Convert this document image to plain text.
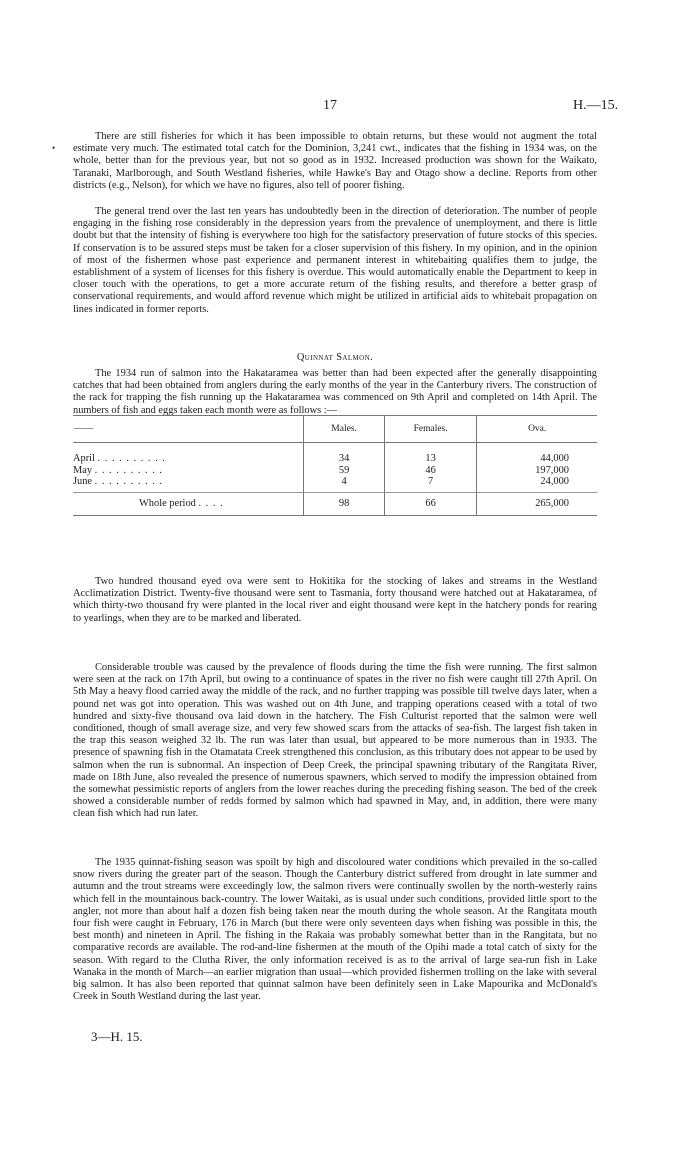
17	H.—15.
•

There are still fisheries for which it has been impossible to obtain returns, but these would not augment the total estimate very much. The estimated total catch for the Dominion, 3,241 cwt., indicates that the fishing in 1934 was, on the whole, better than for the previous year, but not so good as in 1932. Increased production was shown for the Waikato, Taranaki, Marlborough, and South Westland fisheries, while Hawke's Bay and Otago show a decline. Reports from other districts (e.g., Nelson), for which we have no figures, also tell of poorer fishing.

The general trend over the last ten years has undoubtedly been in the direction of deterioration. The number of people engaging in the fishing rose considerably in the depression years from the prevalence of unemployment, and there is little doubt but that the intensity of fishing is everywhere too high for the satisfactory preservation of future stocks of this species. If conservation is to be assured steps must be taken for a closer supervision of this fishery. In my opinion, and in the opinion of most of the fishermen whose past experience and permanent interest in whitebaiting qualifies them to judge, the establishment of a system of licenses for this fishery is overdue. This would automatically enable the Department to keep in closer touch with the operations, to get a more accurate return of the fishing results, and therefore a better grasp of conservational requirements, and would afford revenue which might be utilized in artificial aids to whitebait propagation on lines indicated in former reports.

Quinnat Salmon.

The 1934 run of salmon into the Hakataramea was better than had been expected after the generally disappointing catches that had been obtained from anglers during the early months of the year in the Canterbury rivers. The construction of the rack for trapping the fish running up the Hakataramea was commenced on 9th April and completed on 14th April. The numbers of fish and eggs taken each month were as follows :—

——	Males.	Females.	Ova.

April . . . . . . . . . .	34	13	44,000
May . . . . . . . . . .	59	46	197,000
June . . . . . . . . . .	4	7	24,000
Whole period . . . .	98	66	265,000

Two hundred thousand eyed ova were sent to Hokitika for the stocking of lakes and streams in the Westland Acclimatization District. Twenty-five thousand were sent to Tasmania, forty thousand were hatched out at Hakataramea, of which thirty-two thousand fry were planted in the local river and eight thousand were kept in the hatchery ponds for rearing to yearlings, when they are to be marked and liberated.

Considerable trouble was caused by the prevalence of floods during the time the fish were running. The first salmon were seen at the rack on 17th April, but owing to a continuance of spates in the river no fish were caught till 27th April. On 5th May a heavy flood carried away the middle of the rack, and no further trapping was possible till twelve days later, when a pound net was got into operation. This was washed out on 4th June, and trapping operations ceased with a total of two hundred and sixty-five thousand ova laid down in the hatchery. The Fish Culturist reported that the salmon were well conditioned, though of small average size, and very few showed scars from the attacks of sea-fish. The largest fish taken in the trap this season weighed 32 lb. The run was later than usual, but appeared to be more numerous than in 1933. The presence of spawning fish in the Otamatata Creek strengthened this conclusion, as this tributary does not appear to be used by salmon when the run is subnormal. An inspection of Deep Creek, the principal spawning tributary of the Rangitata River, made on 18th June, also revealed the presence of numerous spawners, which served to modify the impression obtained from the somewhat pessimistic reports of anglers from the lower reaches during the preceding fishing season. The bed of the creek showed a considerable number of redds formed by salmon which had spawned in May, and, in addition, there were many clean fish which had run later.

The 1935 quinnat-fishing season was spoilt by high and discoloured water conditions which prevailed in the so-called snow rivers during the greater part of the season. Though the Canterbury district suffered from drought in late summer and autumn and the trout streams were exceedingly low, the salmon rivers were continually swollen by the north-westerly rains which fell in the mountainous back-country. The lower Waitaki, as is usual under such conditions, provided little sport to the angler, not more than about half a dozen fish being taken near the mouth during the whole season. At the Rangitata mouth four fish were caught in February, 176 in March (but there were only seventeen days when fishing was possible in this, the best month) and nineteen in April. The fishing in the Rakaia was probably somewhat better than in the Rangitata, but no comparative records are available. The rod-and-line fishermen at the mouth of the Opihi made a total catch of sixty for the season. With regard to the Clutha River, the only information received is as to the arrival of large sea-run fish in Lake Wanaka in the month of March—an earlier migration than usual—which provided fishermen trolling on the lake with several big salmon. It has also been reported that quinnat salmon have been definitely seen in Lake Mapourika and McDonald's Creek in South Westland during the last year.

3—H. 15.
